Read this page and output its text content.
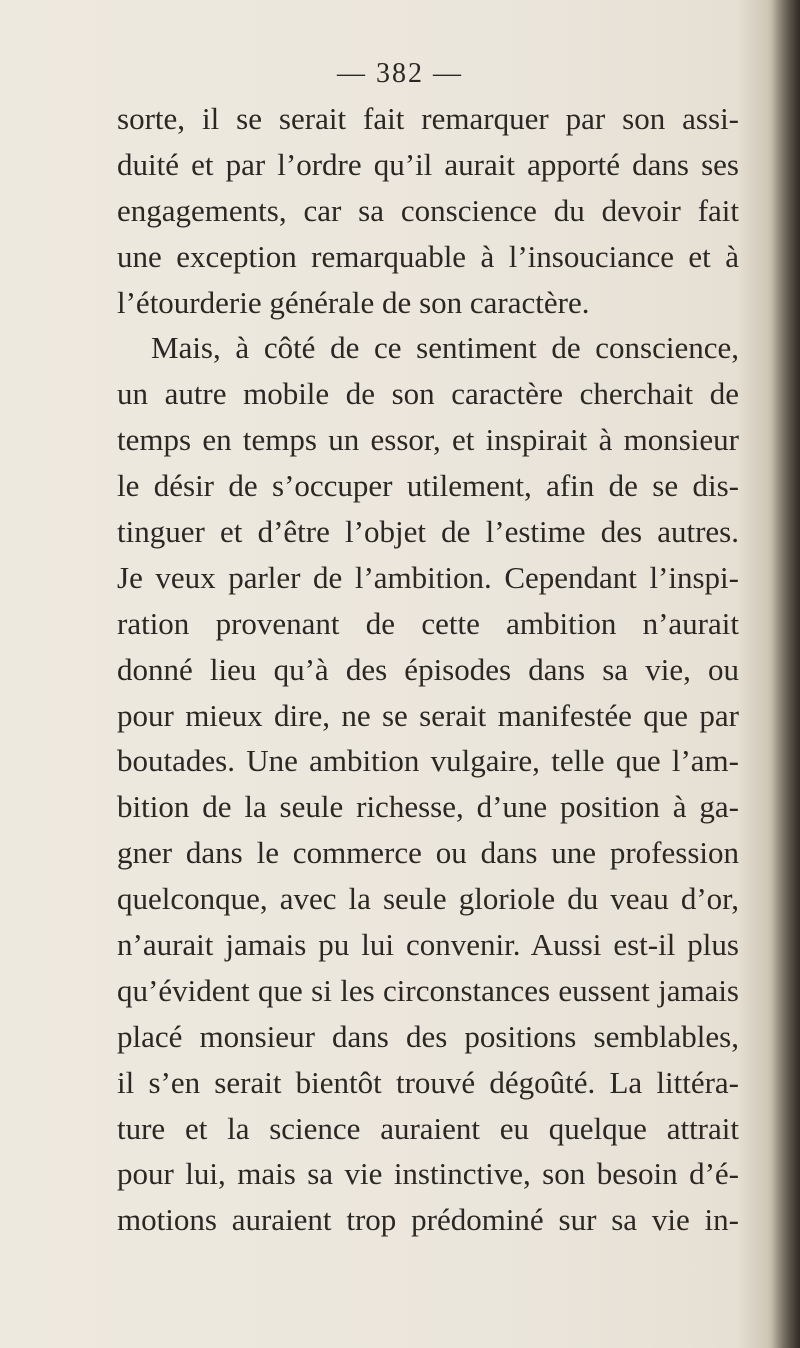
— 382 —
sorte, il se serait fait remarquer par son assi-
duité et par l’ordre qu’il aurait apporté dans ses
engagements, car sa conscience du devoir fait
une exception remarquable à l’insouciance et à
l’étourderie générale de son caractère.
Mais, à côté de ce sentiment de conscience,
un autre mobile de son caractère cherchait de
temps en temps un essor, et inspirait à monsieur
le désir de s’occuper utilement, afin de se dis-
tinguer et d’être l’objet de l’estime des autres.
Je veux parler de l’ambition. Cependant l’inspi-
ration provenant de cette ambition n’aurait
donné lieu qu’à des épisodes dans sa vie, ou
pour mieux dire, ne se serait manifestée que par
boutades. Une ambition vulgaire, telle que l’am-
bition de la seule richesse, d’une position à ga-
gner dans le commerce ou dans une profession
quelconque, avec la seule gloriole du veau d’or,
n’aurait jamais pu lui convenir. Aussi est-il plus
qu’évident que si les circonstances eussent jamais
placé monsieur dans des positions semblables,
il s’en serait bientôt trouvé dégoûté. La littéra-
ture et la science auraient eu quelque attrait
pour lui, mais sa vie instinctive, son besoin d’é-
motions auraient trop prédominé sur sa vie in-
